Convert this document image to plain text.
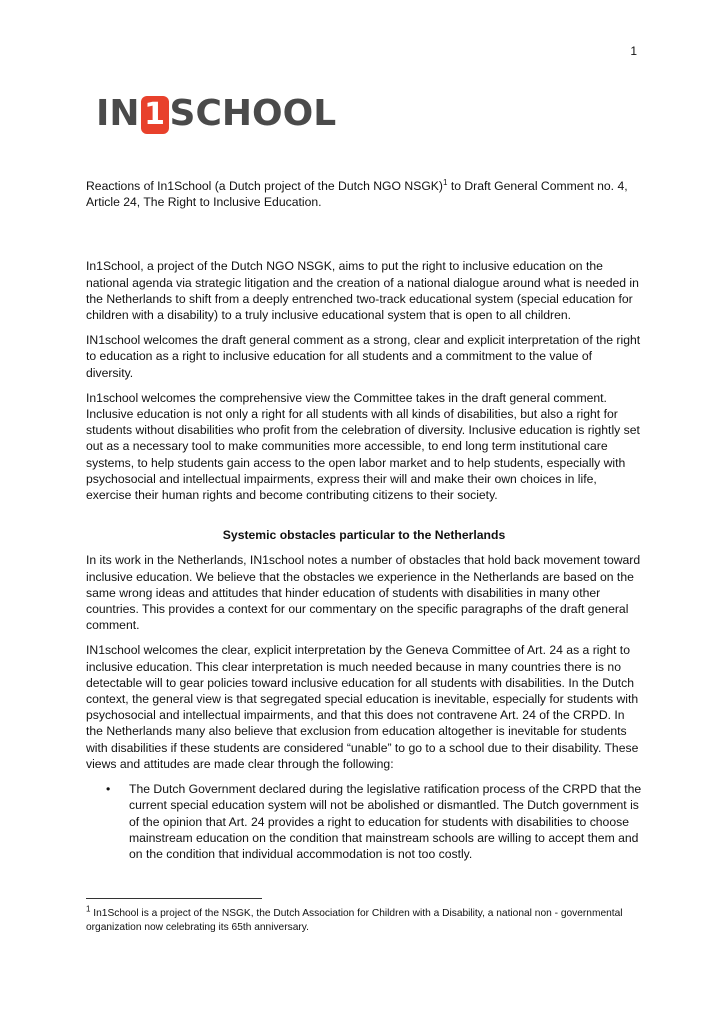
1
IN 1 SCHOOL

Reactions of In1School (a Dutch project of the Dutch NGO NSGK)$^1$ to Draft General Comment no. 4, Article 24, The Right to Inclusive Education.

In1School, a project of the Dutch NGO NSGK, aims to put the right to inclusive education on the national agenda via strategic litigation and the creation of a national dialogue around what is needed in the Netherlands to shift from a deeply entrenched two-track educational system (special education for children with a disability) to a truly inclusive educational system that is open to all children.

IN1school welcomes the draft general comment as a strong, clear and explicit interpretation of the right to education as a right to inclusive education for all students and a commitment to the value of diversity.

In1school welcomes the comprehensive view the Committee takes in the draft general comment. Inclusive education is not only a right for all students with all kinds of disabilities, but also a right for students without disabilities who profit from the celebration of diversity. Inclusive education is rightly set out as a necessary tool to make communities more accessible, to end long term institutional care systems, to help students gain access to the open labor market and to help students, especially with psychosocial and intellectual impairments, express their will and make their own choices in life, exercise their human rights and become contributing citizens to their society.

Systemic obstacles particular to the Netherlands

In its work in the Netherlands, IN1school notes a number of obstacles that hold back movement toward inclusive education. We believe that the obstacles we experience in the Netherlands are based on the same wrong ideas and attitudes that hinder education of students with disabilities in many other countries. This provides a context for our commentary on the specific paragraphs of the draft general comment.

IN1school welcomes the clear, explicit interpretation by the Geneva Committee of Art. 24 as a right to inclusive education. This clear interpretation is much needed because in many countries there is no detectable will to gear policies toward inclusive education for all students with disabilities. In the Dutch context, the general view is that segregated special education is inevitable, especially for students with psychosocial and intellectual impairments, and that this does not contravene Art. 24 of the CRPD. In the Netherlands many also believe that exclusion from education altogether is inevitable for students with disabilities if these students are considered “unable” to go to a school due to their disability. These views and attitudes are made clear through the following:

• The Dutch Government declared during the legislative ratification process of the CRPD that the current special education system will not be abolished or dismantled. The Dutch government is of the opinion that Art. 24 provides a right to education for students with disabilities to choose mainstream education on the condition that mainstream schools are willing to accept them and on the condition that individual accommodation is not too costly.
$^1$ In1School is a project of the NSGK, the Dutch Association for Children with a Disability, a national non - governmental organization now celebrating its 65th anniversary.
